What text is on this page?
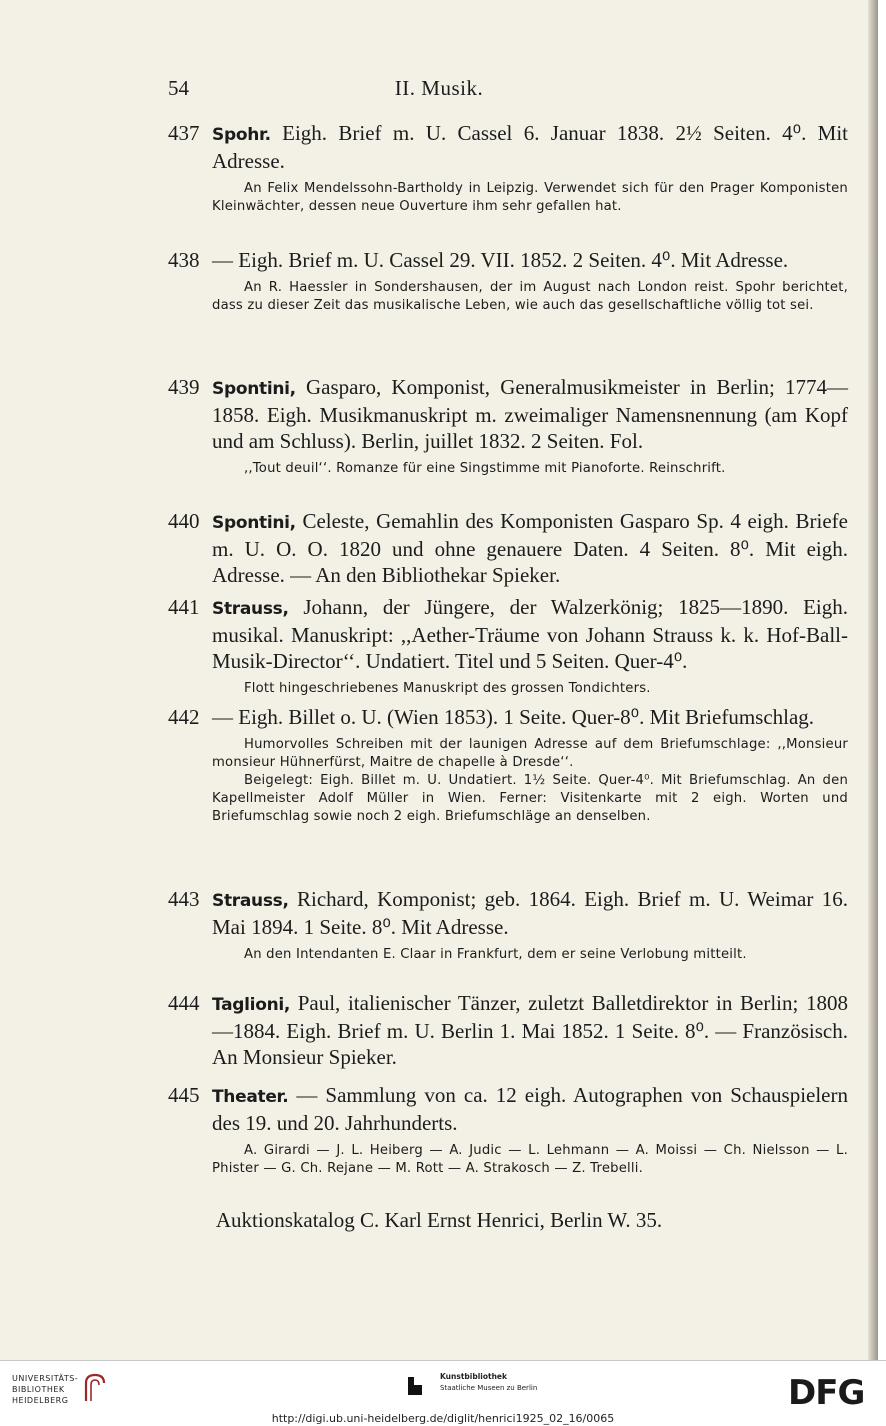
54	II. Musik.
437 Spohr. Eigh. Brief m. U. Cassel 6. Januar 1838. 2½ Seiten. 4⁰. Mit Adresse.

An Felix Mendelssohn-Bartholdy in Leipzig. Verwendet sich für den Prager Komponisten Kleinwächter, dessen neue Ouverture ihm sehr gefallen hat.

438 — Eigh. Brief m. U. Cassel 29. VII. 1852. 2 Seiten. 4⁰. Mit Adresse.

An R. Haessler in Sondershausen, der im August nach London reist. Spohr berichtet, dass zu dieser Zeit das musikalische Leben, wie auch das gesellschaftliche völlig tot sei.

439 Spontini, Gasparo, Komponist, Generalmusikmeister in Berlin; 1774—1858. Eigh. Musikmanuskript m. zweimaliger Namensnennung (am Kopf und am Schluss). Berlin, juillet 1832. 2 Seiten. Fol.

,,Tout deuil‘‘. Romanze für eine Singstimme mit Pianoforte. Reinschrift.

440 Spontini, Celeste, Gemahlin des Komponisten Gasparo Sp. 4 eigh. Briefe m. U. O. O. 1820 und ohne genauere Daten. 4 Seiten. 8⁰. Mit eigh. Adresse. — An den Bibliothekar Spieker.
441 Strauss, Johann, der Jüngere, der Walzerkönig; 1825—1890. Eigh. musikal. Manuskript: ,,Aether-Träume von Johann Strauss k. k. Hof-Ball-Musik-Director‘‘. Undatiert. Titel und 5 Seiten. Quer-4⁰.

Flott hingeschriebenes Manuskript des grossen Tondichters.

442 — Eigh. Billet o. U. (Wien 1853). 1 Seite. Quer-8⁰. Mit Briefumschlag.

Humorvolles Schreiben mit der launigen Adresse auf dem Briefumschlage: ,,Monsieur monsieur Hühnerfürst, Maitre de chapelle à Dresde‘‘.

Beigelegt: Eigh. Billet m. U. Undatiert. 1½ Seite. Quer-4⁰. Mit Briefumschlag. An den Kapellmeister Adolf Müller in Wien. Ferner: Visitenkarte mit 2 eigh. Worten und Briefumschlag sowie noch 2 eigh. Briefumschläge an denselben.

443 Strauss, Richard, Komponist; geb. 1864. Eigh. Brief m. U. Weimar 16. Mai 1894. 1 Seite. 8⁰. Mit Adresse.

An den Intendanten E. Claar in Frankfurt, dem er seine Verlobung mitteilt.

444 Taglioni, Paul, italienischer Tänzer, zuletzt Balletdirektor in Berlin; 1808—1884. Eigh. Brief m. U. Berlin 1. Mai 1852. 1 Seite. 8⁰. — Französisch. An Monsieur Spieker.
445 Theater. — Sammlung von ca. 12 eigh. Autographen von Schauspielern des 19. und 20. Jahrhunderts.

A. Girardi — J. L. Heiberg — A. Judic — L. Lehmann — A. Moissi — Ch. Nielsson — L. Phister — G. Ch. Rejane — M. Rott — A. Strakosch — Z. Trebelli.

Auktionskatalog C. Karl Ernst Henrici, Berlin W. 35.
UNIVERSITÄTS-
BIBLIOTHEK
HEIDELBERG
Kunstbibliothek
Staatliche Museen zu Berlin	DFG
http://digi.ub.uni-heidelberg.de/diglit/henrici1925_02_16/0065
